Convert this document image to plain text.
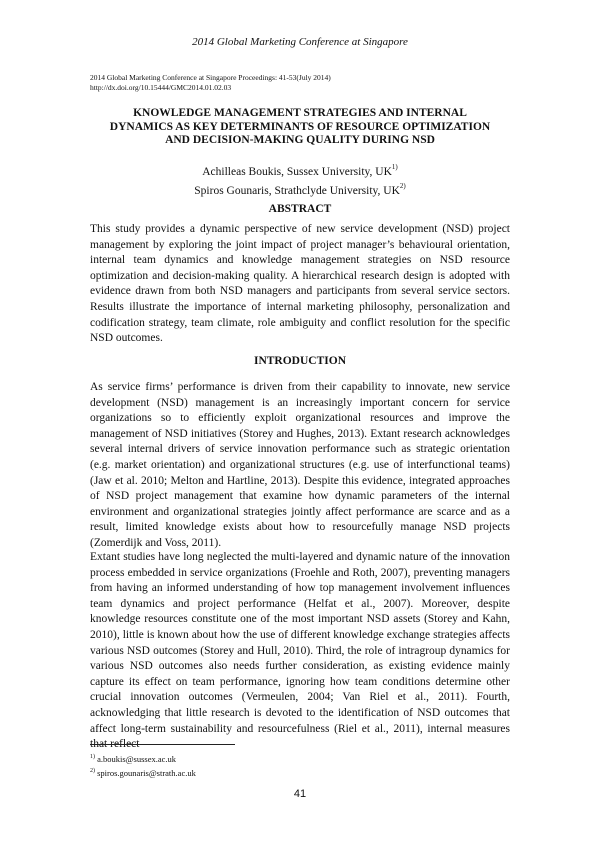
2014 Global Marketing Conference at Singapore
2014 Global Marketing Conference at Singapore Proceedings: 41-53(July 2014)
http://dx.doi.org/10.15444/GMC2014.01.02.03
KNOWLEDGE MANAGEMENT STRATEGIES AND INTERNAL
DYNAMICS AS KEY DETERMINANTS OF RESOURCE OPTIMIZATION
AND DECISION-MAKING QUALITY DURING NSD
Achilleas Boukis, Sussex University, UK$^{1)}$
Spiros Gounaris, Strathclyde University, UK$^{2)}$
ABSTRACT

This study provides a dynamic perspective of new service development (NSD) project management by exploring the joint impact of project manager’s behavioural orientation, internal team dynamics and knowledge management strategies on NSD resource optimization and decision-making quality. A hierarchical research design is adopted with evidence drawn from both NSD managers and participants from several service sectors. Results illustrate the importance of internal marketing philosophy, personalization and codification strategy, team climate, role ambiguity and conflict resolution for the specific NSD outcomes.

INTRODUCTION

As service firms’ performance is driven from their capability to innovate, new service development (NSD) management is an increasingly important concern for service organizations so to efficiently exploit organizational resources and improve the management of NSD initiatives (Storey and Hughes, 2013). Extant research acknowledges several internal drivers of service innovation performance such as strategic orientation (e.g. market orientation) and organizational structures (e.g. use of interfunctional teams) (Jaw et al. 2010; Melton and Hartline, 2013). Despite this evidence, integrated approaches of NSD project management that examine how dynamic parameters of the internal environment and organizational strategies jointly affect performance are scarce and as a result, limited knowledge exists about how to resourcefully manage NSD projects (Zomerdijk and Voss, 2011).

Extant studies have long neglected the multi-layered and dynamic nature of the innovation process embedded in service organizations (Froehle and Roth, 2007), preventing managers from having an informed understanding of how top management involvement influences team dynamics and project performance (Helfat et al., 2007). Moreover, despite knowledge resources constitute one of the most important NSD assets (Storey and Kahn, 2010), little is known about how the use of different knowledge exchange strategies affects various NSD outcomes (Storey and Hull, 2010). Third, the role of intragroup dynamics for various NSD outcomes also needs further consideration, as existing evidence mainly capture its effect on team performance, ignoring how team conditions determine other crucial innovation outcomes (Vermeulen, 2004; Van Riel et al., 2011). Fourth, acknowledging that little research is devoted to the identification of NSD outcomes that affect long-term sustainability and resourcefulness (Riel et al., 2011), internal measures that reflect

$^{1)}$ a.boukis@sussex.ac.uk
$^{2)}$ spiros.gounaris@strath.ac.uk
41
